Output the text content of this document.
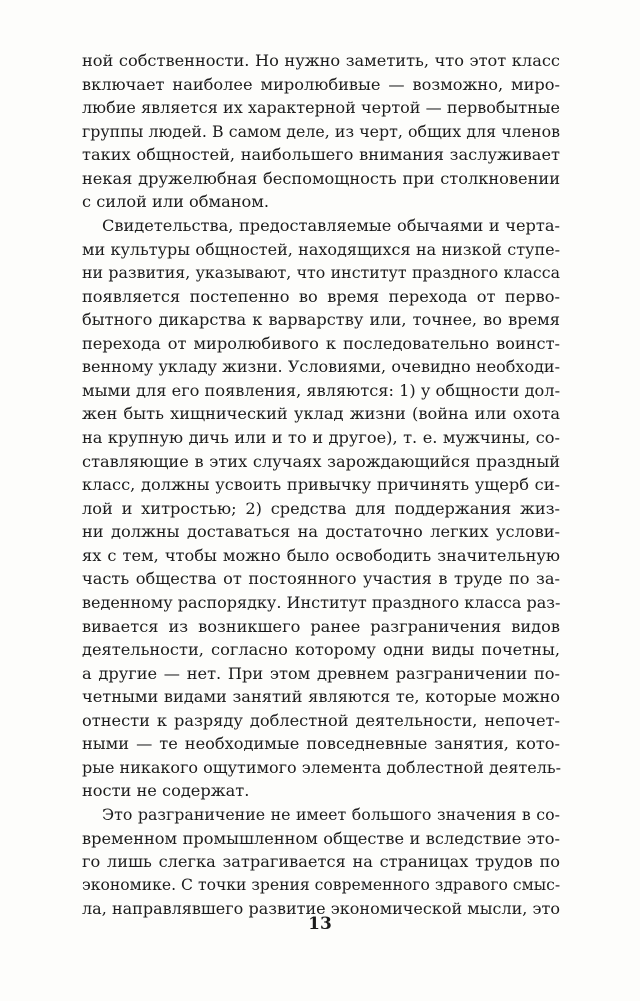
ной собственности. Но нужно заметить, что этот класс
включает наиболее миролюбивые — возможно, миро-
любие является их характерной чертой — первобытные
группы людей. В самом деле, из черт, общих для членов
таких общностей, наибольшего внимания заслуживает
некая дружелюбная беспомощность при столкновении
с силой или обманом.
Свидетельства, предоставляемые обычаями и черта-
ми культуры общностей, находящихся на низкой ступе-
ни развития, указывают, что институт праздного класса
появляется постепенно во время перехода от перво-
бытного дикарства к варварству или, точнее, во время
перехода от миролюбивого к последовательно воинст-
венному укладу жизни. Условиями, очевидно необходи-
мыми для его появления, являются: 1) у общности дол-
жен быть хищнический уклад жизни (война или охота
на крупную дичь или и то и другое), т. е. мужчины, со-
ставляющие в этих случаях зарождающийся праздный
класс, должны усвоить привычку причинять ущерб си-
лой и хитростью; 2) средства для поддержания жиз-
ни должны доставаться на достаточно легких услови-
ях с тем, чтобы можно было освободить значительную
часть общества от постоянного участия в труде по за-
веденному распорядку. Институт праздного класса раз-
вивается из возникшего ранее разграничения видов
деятельности, согласно которому одни виды почетны,
а другие — нет. При этом древнем разграничении по-
четными видами занятий являются те, которые можно
отнести к разряду доблестной деятельности, непочет-
ными — те необходимые повседневные занятия, кото-
рые никакого ощутимого элемента доблестной деятель-
ности не содержат.
Это разграничение не имеет большого значения в со-
временном промышленном обществе и вследствие это-
го лишь слегка затрагивается на страницах трудов по
экономике. С точки зрения современного здравого смыс-
ла, направлявшего развитие экономической мысли, это
13
